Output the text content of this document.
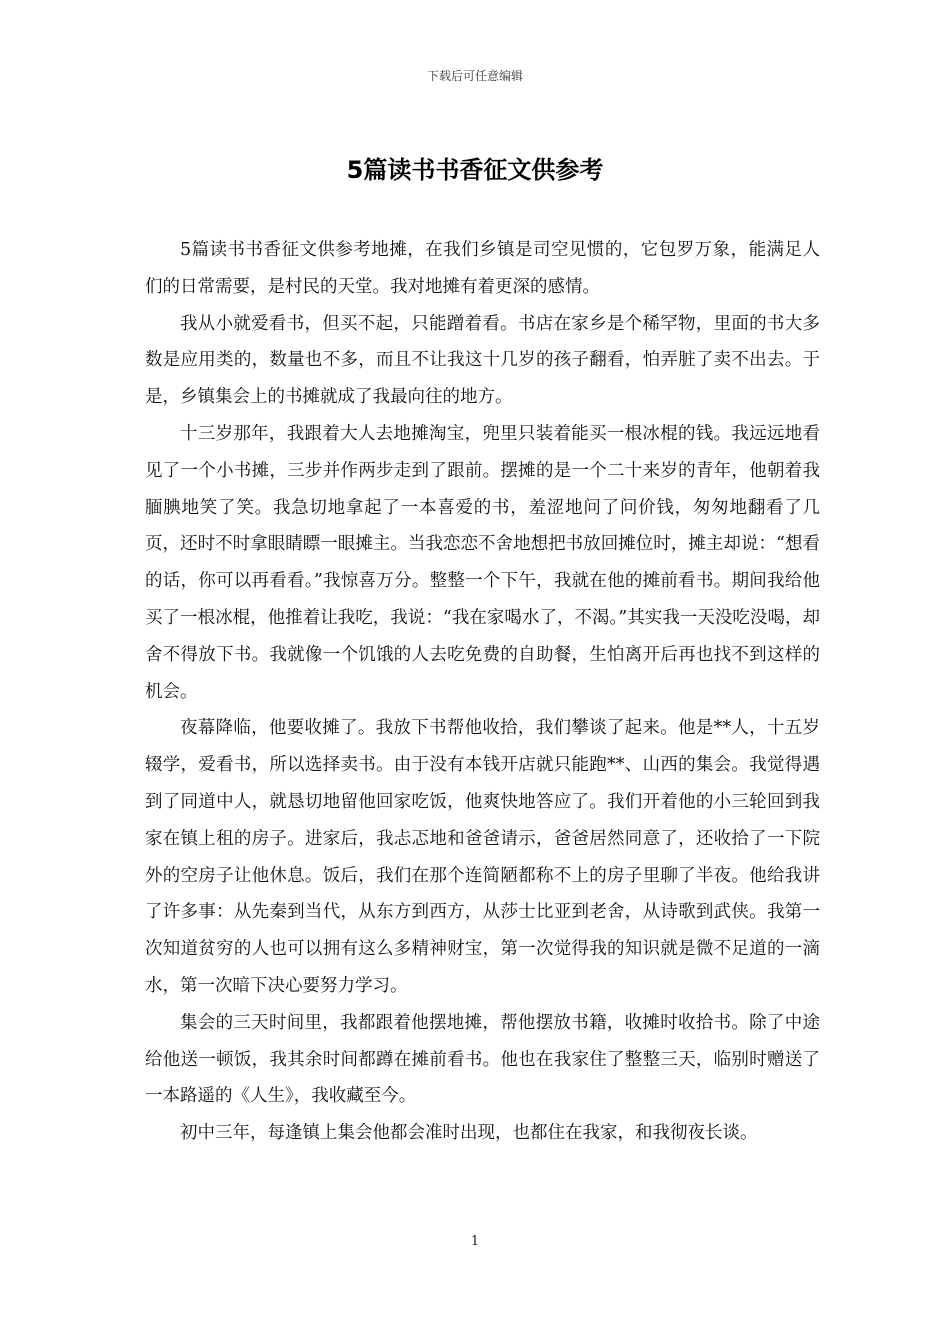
下载后可任意编辑
5篇读书书香征文供参考

5篇读书书香征文供参考地摊，在我们乡镇是司空见惯的，它包罗万象，能满足人们的日常需要，是村民的天堂。我对地摊有着更深的感情。

我从小就爱看书，但买不起，只能蹭着看。书店在家乡是个稀罕物，里面的书大多数是应用类的，数量也不多，而且不让我这十几岁的孩子翻看，怕弄脏了卖不出去。于是，乡镇集会上的书摊就成了我最向往的地方。

十三岁那年，我跟着大人去地摊淘宝，兜里只装着能买一根冰棍的钱。我远远地看见了一个小书摊，三步并作两步走到了跟前。摆摊的是一个二十来岁的青年，他朝着我腼腆地笑了笑。我急切地拿起了一本喜爱的书，羞涩地问了问价钱，匆匆地翻看了几页，还时不时拿眼睛瞟一眼摊主。当我恋恋不舍地想把书放回摊位时，摊主却说：“想看的话，你可以再看看。”我惊喜万分。整整一个下午，我就在他的摊前看书。期间我给他买了一根冰棍，他推着让我吃，我说：“我在家喝水了，不渴。”其实我一天没吃没喝，却舍不得放下书。我就像一个饥饿的人去吃免费的自助餐，生怕离开后再也找不到这样的机会。

夜幕降临，他要收摊了。我放下书帮他收拾，我们攀谈了起来。他是**人，十五岁辍学，爱看书，所以选择卖书。由于没有本钱开店就只能跑**、山西的集会。我觉得遇到了同道中人，就恳切地留他回家吃饭，他爽快地答应了。我们开着他的小三轮回到我家在镇上租的房子。进家后，我忐忑地和爸爸请示，爸爸居然同意了，还收拾了一下院外的空房子让他休息。饭后，我们在那个连简陋都称不上的房子里聊了半夜。他给我讲了许多事：从先秦到当代，从东方到西方，从莎士比亚到老舍，从诗歌到武侠。我第一次知道贫穷的人也可以拥有这么多精神财宝，第一次觉得我的知识就是微不足道的一滴水，第一次暗下决心要努力学习。

集会的三天时间里，我都跟着他摆地摊，帮他摆放书籍，收摊时收拾书。除了中途给他送一顿饭，我其余时间都蹲在摊前看书。他也在我家住了整整三天，临别时赠送了一本路遥的《人生》，我收藏至今。

初中三年，每逢镇上集会他都会准时出现，也都住在我家，和我彻夜长谈。

1
